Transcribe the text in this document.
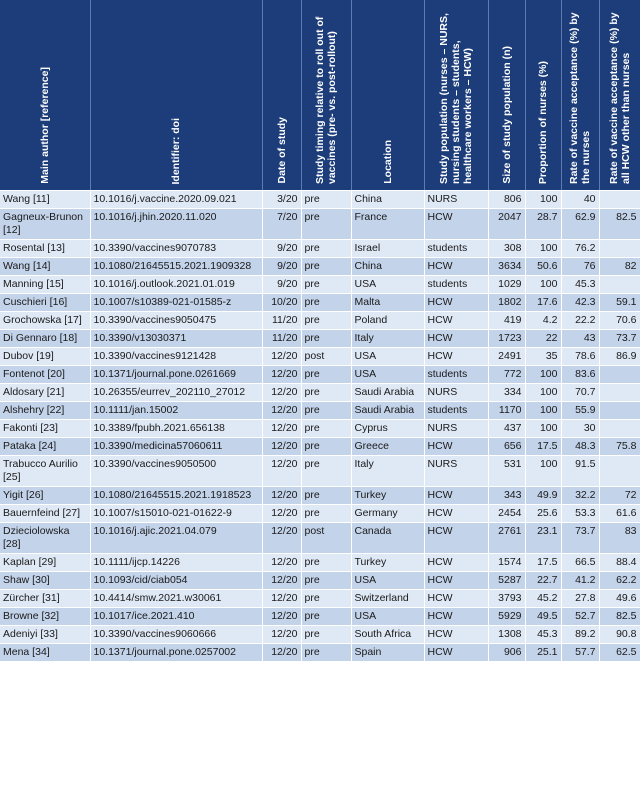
Main author [reference]	Identifier: doi	Date of study	Study timing relative to roll out of vaccines (pre- vs. post-rollout)	Location	Study population (nurses – NURS, nursing students – students, healthcare workers – HCW)	Size of study population (n)	Proportion of nurses (%)	Rate of vaccine acceptance (%) by the nurses	Rate of vaccine acceptance (%) by all HCW other than nurses

Wang [11]	10.1016/j.vaccine.2020.09.021	3/20	pre	China	NURS	806	100	40	
Gagneux-Brunon [12]	10.1016/j.jhin.2020.11.020	7/20	pre	France	HCW	2047	28.7	62.9	82.5
Rosental [13]	10.3390/vaccines9070783	9/20	pre	Israel	students	308	100	76.2	
Wang [14]	10.1080/21645515.2021.1909328	9/20	pre	China	HCW	3634	50.6	76	82
Manning [15]	10.1016/j.outlook.2021.01.019	9/20	pre	USA	students	1029	100	45.3	
Cuschieri [16]	10.1007/s10389-021-01585-z	10/20	pre	Malta	HCW	1802	17.6	42.3	59.1
Grochowska [17]	10.3390/vaccines9050475	11/20	pre	Poland	HCW	419	4.2	22.2	70.6
Di Gennaro [18]	10.3390/v13030371	11/20	pre	Italy	HCW	1723	22	43	73.7
Dubov [19]	10.3390/vaccines9121428	12/20	post	USA	HCW	2491	35	78.6	86.9
Fontenot [20]	10.1371/journal.pone.0261669	12/20	pre	USA	students	772	100	83.6	
Aldosary [21]	10.26355/eurrev_202110_27012	12/20	pre	Saudi Arabia	NURS	334	100	70.7	
Alshehry [22]	10.1111/jan.15002	12/20	pre	Saudi Arabia	students	1170	100	55.9	
Fakonti [23]	10.3389/fpubh.2021.656138	12/20	pre	Cyprus	NURS	437	100	30	
Pataka [24]	10.3390/medicina57060611	12/20	pre	Greece	HCW	656	17.5	48.3	75.8
Trabucco Aurilio [25]	10.3390/vaccines9050500	12/20	pre	Italy	NURS	531	100	91.5	
Yigit [26]	10.1080/21645515.2021.1918523	12/20	pre	Turkey	HCW	343	49.9	32.2	72
Bauernfeind [27]	10.1007/s15010-021-01622-9	12/20	pre	Germany	HCW	2454	25.6	53.3	61.6
Dzieciolowska [28]	10.1016/j.ajic.2021.04.079	12/20	post	Canada	HCW	2761	23.1	73.7	83
Kaplan [29]	10.1111/ijcp.14226	12/20	pre	Turkey	HCW	1574	17.5	66.5	88.4
Shaw [30]	10.1093/cid/ciab054	12/20	pre	USA	HCW	5287	22.7	41.2	62.2
Zürcher [31]	10.4414/smw.2021.w30061	12/20	pre	Switzerland	HCW	3793	45.2	27.8	49.6
Browne [32]	10.1017/ice.2021.410	12/20	pre	USA	HCW	5929	49.5	52.7	82.5
Adeniyi [33]	10.3390/vaccines9060666	12/20	pre	South Africa	HCW	1308	45.3	89.2	90.8
Mena [34]	10.1371/journal.pone.0257002	12/20	pre	Spain	HCW	906	25.1	57.7	62.5
